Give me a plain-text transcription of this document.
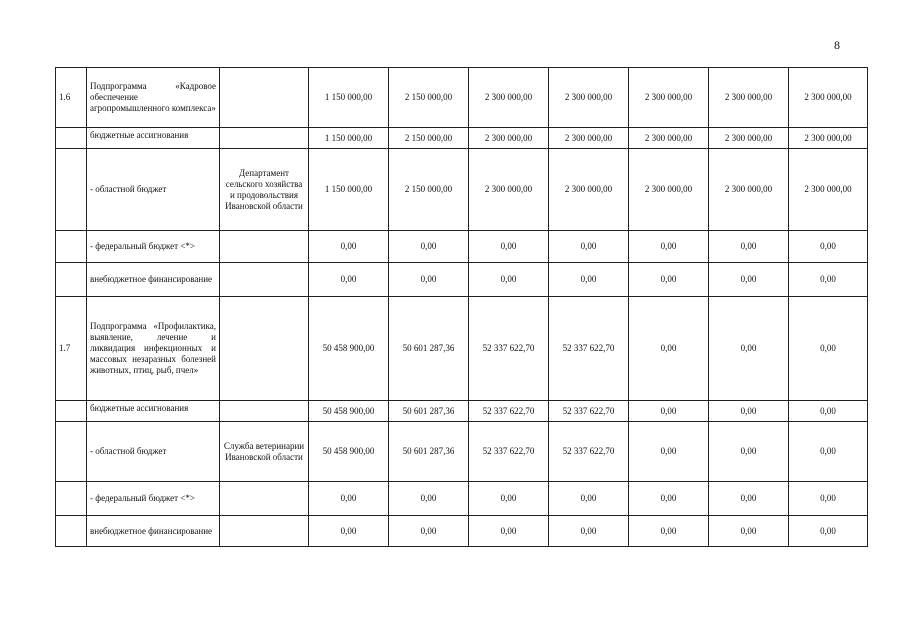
8
1.6	Подпрограмма «Кадровое обеспечение агропромышленного комплекса»		1 150 000,00	2 150 000,00	2 300 000,00	2 300 000,00	2 300 000,00	2 300 000,00	2 300 000,00
	бюджетные ассигнования		1 150 000,00	2 150 000,00	2 300 000,00	2 300 000,00	2 300 000,00	2 300 000,00	2 300 000,00
	- областной бюджет	Департамент сельского хозяйства и продовольствия Ивановской области	1 150 000,00	2 150 000,00	2 300 000,00	2 300 000,00	2 300 000,00	2 300 000,00	2 300 000,00
	- федеральный бюджет <*>		0,00	0,00	0,00	0,00	0,00	0,00	0,00
	внебюджетное финансирование		0,00	0,00	0,00	0,00	0,00	0,00	0,00
1.7	Подпрограмма «Профилактика, выявление, лечение и ликвидация инфекционных и массовых незаразных болезней животных, птиц, рыб, пчел»		50 458 900,00	50 601 287,36	52 337 622,70	52 337 622,70	0,00	0,00	0,00
	бюджетные ассигнования		50 458 900,00	50 601 287,36	52 337 622,70	52 337 622,70	0,00	0,00	0,00
	- областной бюджет	Служба ветеринарии Ивановской области	50 458 900,00	50 601 287,36	52 337 622,70	52 337 622,70	0,00	0,00	0,00
	- федеральный бюджет <*>		0,00	0,00	0,00	0,00	0,00	0,00	0,00
	внебюджетное финансирование		0,00	0,00	0,00	0,00	0,00	0,00	0,00
